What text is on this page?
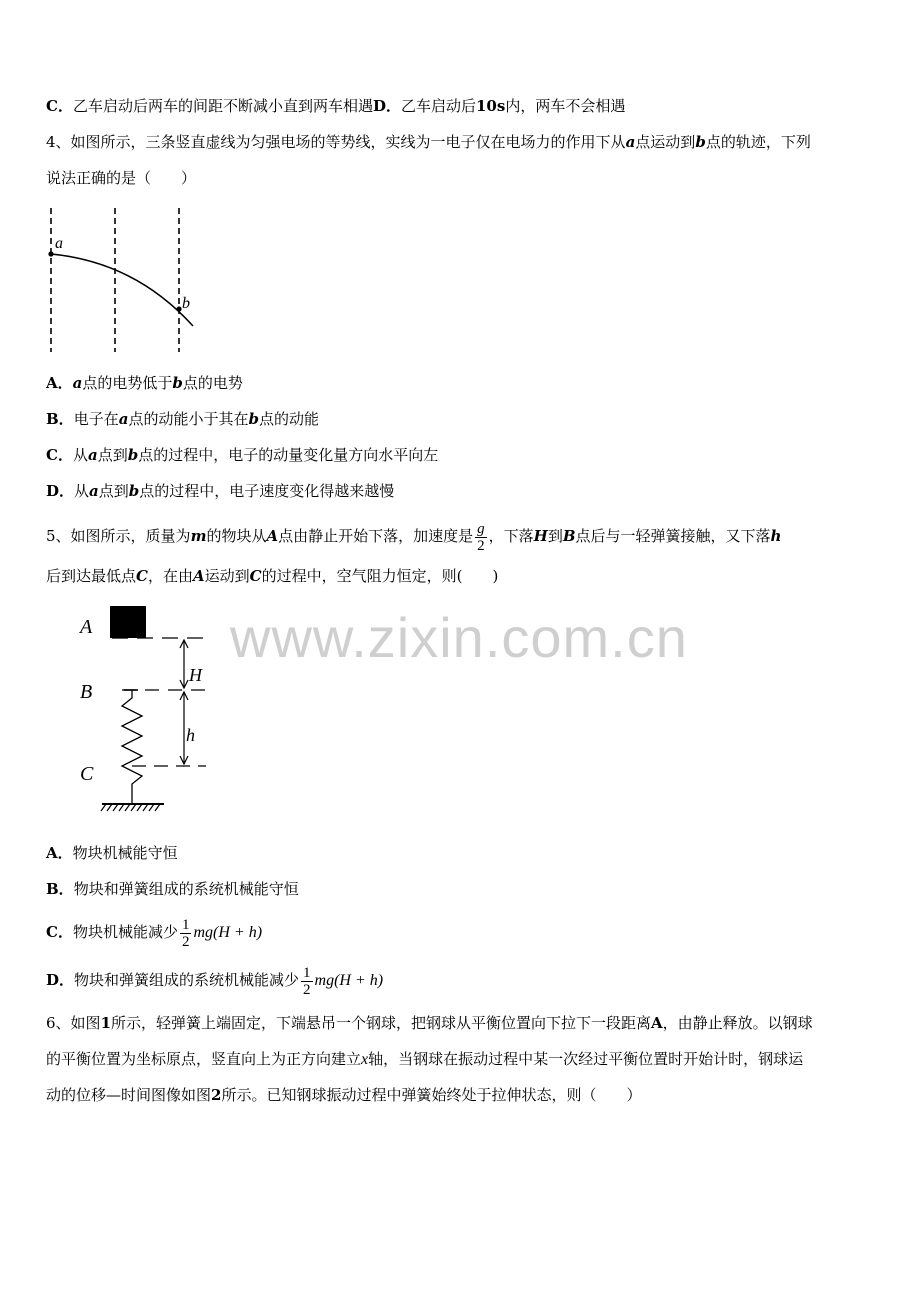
www.zixin.com.cn
C．乙车启动后两车的间距不断减小直到两车相遇D．乙车启动后10s内，两车不会相遇
4、如图所示，三条竖直虚线为匀强电场的等势线，实线为一电子仅在电场力的作用下从a点运动到b点的轨迹，下列
说法正确的是（　　）
a
b
A．a点的电势低于b点的电势
B．电子在a点的动能小于其在b点的动能
C．从a点到b点的过程中，电子的动量变化量方向水平向左
D．从a点到b点的过程中，电子速度变化得越来越慢
5、如图所示，质量为m的物块从A点由静止开始下落，加速度是 $\frac{g}{2}$ ，下落H到B点后与一轻弹簧接触，又下落h
后到达最低点C，在由A运动到C的过程中，空气阻力恒定，则(　　)
A
B
C
H
h
A．物块机械能守恒
B．物块和弹簧组成的系统机械能守恒
C．物块机械能减少 $\frac{1}{2} mg(H + h)$
D．物块和弹簧组成的系统机械能减少 $\frac{1}{2} mg(H + h)$
6、如图1所示，轻弹簧上端固定，下端悬吊一个钢球，把钢球从平衡位置向下拉下一段距离A，由静止释放。以钢球
的平衡位置为坐标原点，竖直向上为正方向建立x轴，当钢球在振动过程中某一次经过平衡位置时开始计时，钢球运
动的位移—时间图像如图2所示。已知钢球振动过程中弹簧始终处于拉伸状态，则（　　）
